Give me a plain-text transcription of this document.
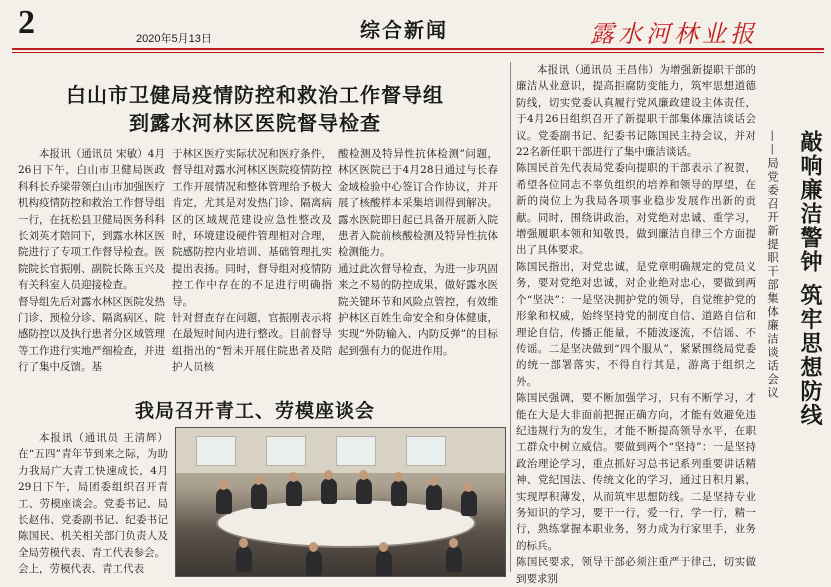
2	2020年5月13日	综合新闻	露水河林业报
白山市卫健局疫情防控和救治工作督导组
到露水河林区医院督导检查
本报讯（通讯员 宋敏）4月26日下午，白山市卫健局医政科科长乔梁带领白山市加强医疗机构疫情防控和救治工作督导组一行，在抚松县卫健局医务科科长刘英才陪同下，到露水林区医院进行了专项工作督导检查。医院院长官振刚、副院长陈玉兴及有关科室人员迎接检查。
督导组先后对露水林区医院发热门诊、预检分诊、隔离病区、院感防控以及执行患者分区域管理等工作进行实地严细检查，并进行了集中反馈。基
于林区医疗实际状况和医疗条件，督导组对露水河林区医院疫情防控工作开展情况和整体管理给予极大肯定，尤其是对发热门诊、隔离病区的区域规范建设应急性整改及时，环境建设硬件管理相对合理，院感防控内业培训、基础管理扎实提出表扬。同时，督导组对疫情防控工作中存在的不足进行明确指导。
针对督查存在问题，官振刚表示将在最短时间内进行整改。目前督导组指出的“暂未开展住院患者及陪护人员核
酸检测及特异性抗体检测”问题，林区医院已于4月28日通过与长春金域检验中心签订合作协议，并开展了核酸样本采集培训得到解决。露水医院即日起已具备开展新入院患者入院前核酸检测及特异性抗体检测能力。
通过此次督导检查，为进一步巩固来之不易的防控成果，做好露水医院关键环节和风险点管控，有效维护林区百姓生命安全和身体健康，实现“外防输入、内防反弹”的目标起到强有力的促进作用。
我局召开青工、劳模座谈会
本报讯（通讯员 王清辉）在“五四”青年节到来之际，为助力我局广大青工快速成长，4月29日下午，局团委组织召开青工、劳模座谈会。党委书记、局长赵伟、党委副书记、纪委书记陈国民、机关相关部门负责人及全局劳模代表、青工代表参会。
会上，劳模代表、青工代表
敲响廉洁警钟 筑牢思想防线
——局党委召开新提职干部集体廉洁谈话会议
本报讯（通讯员 王昌伟）为增强新提职干部的廉洁从业意识，提高拒腐防变能力，筑牢思想道德防线，切实党委认真履行党风廉政建设主体责任，于4月26日组织召开了新提职干部集体廉洁谈话会议。党委副书记、纪委书记陈国民主持会议，并对22名新任职干部进行了集中廉洁谈话。
陈国民首先代表局党委向提职的干部表示了祝贺，希望各位同志不辜负组织的培养和领导的厚望，在新的岗位上为我局各项事业稳步发展作出新的贡献。同时，围绕讲政治，对党绝对忠诚、重学习，增强履职本领和知敬畏，做到廉洁自律三个方面提出了具体要求。
陈国民指出，对党忠诚，是党章明确规定的党员义务，要对党绝对忠诚，对企业绝对忠心，要做到两个“坚决”：一是坚决拥护党的领导，自觉维护党的形象和权威，始终坚持党的制度自信、道路自信和理论自信，传播正能量，不随波逐流，不信谣、不传谣。二是坚决做到“四个服从”，紧紧围绕局党委的统一部署落实，不得自行其是，游离于组织之外。
陈国民强调，要不断加强学习，只有不断学习，才能在大是大非面前把握正确方向，才能有效避免违纪违规行为的发生，才能不断提高领导水平，在职工群众中树立威信。要做到两个“坚持”：一是坚持政治理论学习，重点抓好习总书记系列重要讲话精神、党纪国法、传统文化的学习，通过日积月累，实现厚积薄发，从而筑牢思想防线。二是坚持专业务知识的学习，要干一行，爱一行，学一行，精一行，熟练掌握本职业务，努力成为行家里手，业务的标兵。
陈国民要求，领导干部必须注重严于律己，切实做到要求别
